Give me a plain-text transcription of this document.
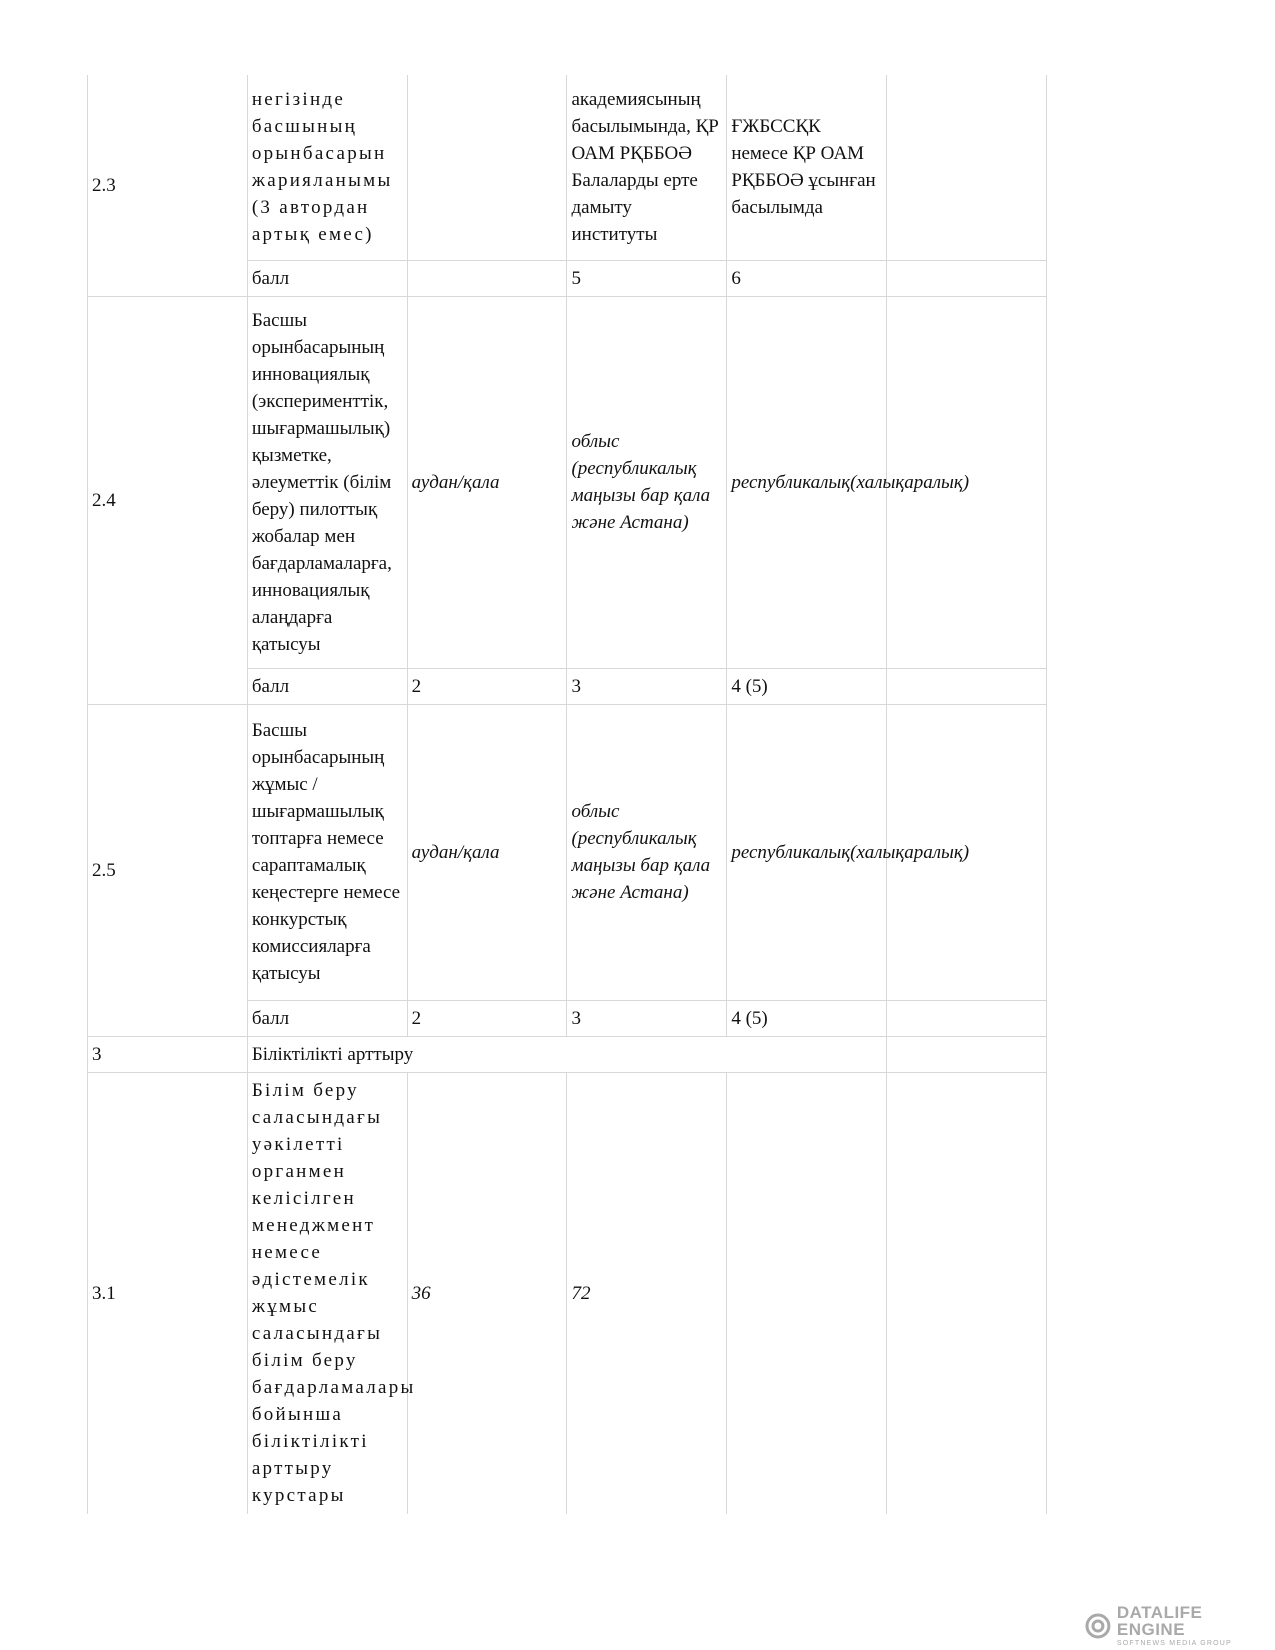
2.3	негізінде басшының орынбасарын жарияланымы (3 автордан артық емес)		академиясының басылымында, ҚР ОАМ РҚББОӘ Балаларды ерте дамыту институты	ҒЖБССҚК немесе ҚР ОАМ РҚББОӘ ұсынған басылымда	
	балл		5	6	
2.4	Басшы орынбасарының инновациялық (эксперименттік, шығармашылық) қызметке, әлеуметтік (білім беру) пилоттық жобалар мен бағдарламаларға, инновациялық алаңдарға қатысуы	аудан/қала	облыс (республикалық маңызы бар қала және Астана)	республикалық(халықаралық)	
	балл	2	3	4 (5)	
2.5	Басшы орынбасарының жұмыс / шығармашылық топтарға немесе сараптамалық кеңестерге немесе конкурстық комиссияларға қатысуы	аудан/қала	облыс (республикалық маңызы бар қала және Астана)	республикалық(халықаралық)	
	балл	2	3	4 (5)	
3	Біліктілікті арттыру				
3.1	Білім беру саласындағы уәкілетті органмен келісілген менеджмент немесе әдістемелік жұмыс саласындағы білім беру бағдарламалары бойынша біліктілікті арттыру курстары	36	72		
DATALIFE ENGINE
SOFTNEWS MEDIA GROUP
